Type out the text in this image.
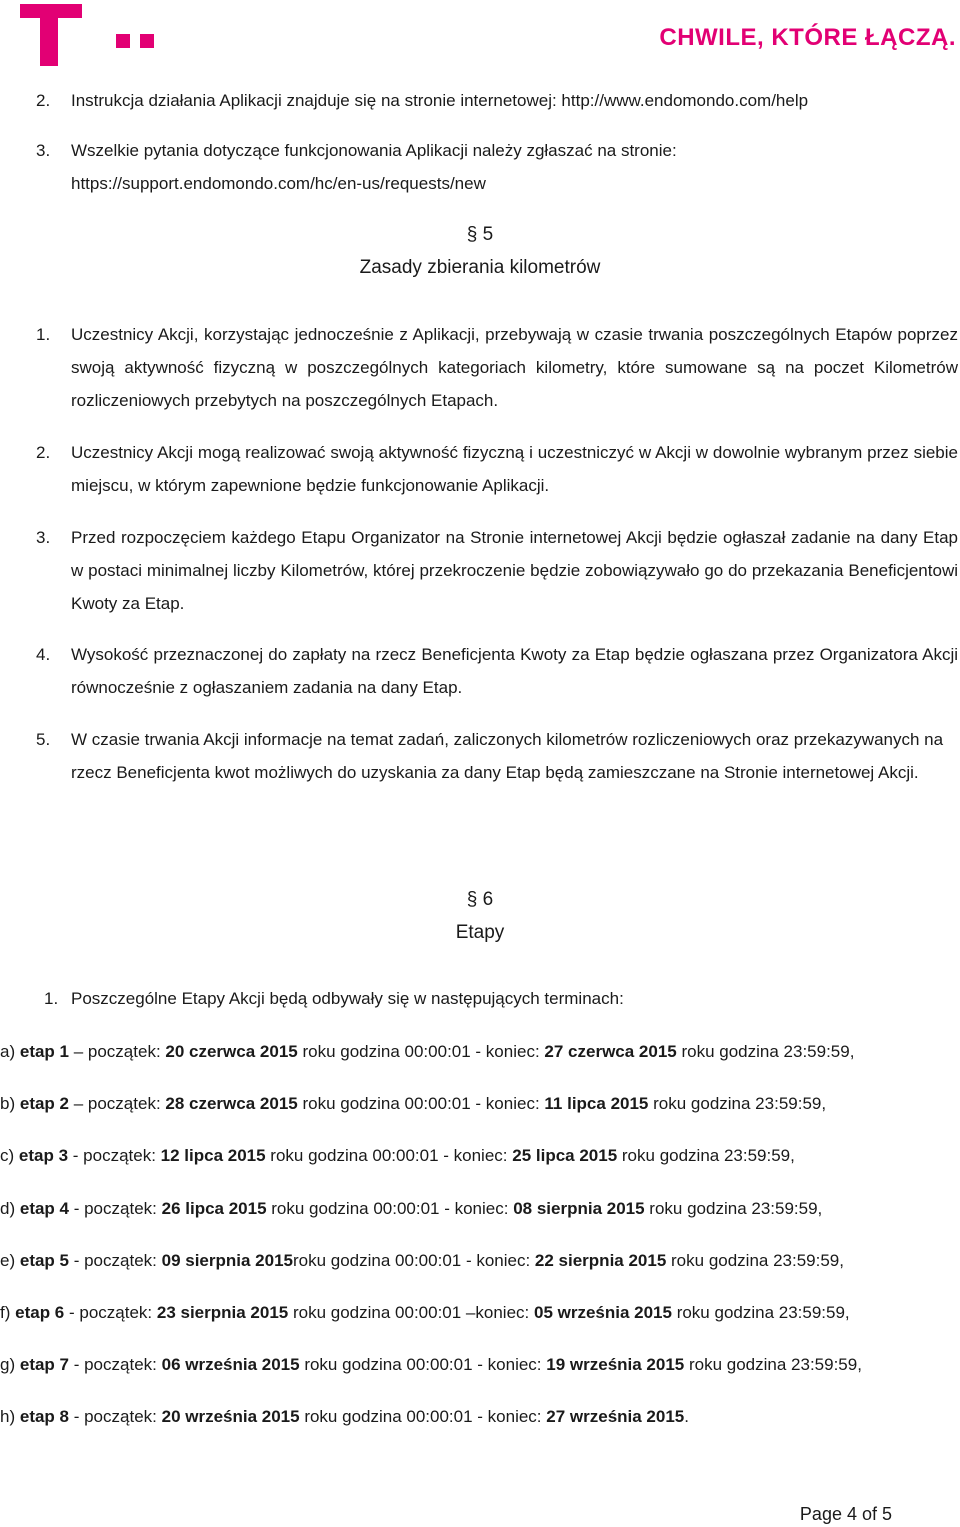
CHWILE, KTÓRE ŁĄCZĄ.
2.	Instrukcja działania Aplikacji znajduje się na stronie internetowej: http://www.endomondo.com/help
3.	Wszelkie pytania dotyczące funkcjonowania Aplikacji należy zgłaszać na stronie: https://support.endomondo.com/hc/en-us/requests/new
§ 5
Zasady zbierania kilometrów
1.	Uczestnicy Akcji, korzystając jednocześnie z Aplikacji, przebywają w czasie trwania poszczególnych Etapów poprzez swoją aktywność fizyczną w poszczególnych kategoriach kilometry, które sumowane są na poczet Kilometrów rozliczeniowych przebytych na poszczególnych Etapach.
2.	Uczestnicy Akcji mogą realizować swoją aktywność fizyczną i uczestniczyć w Akcji w dowolnie wybranym przez siebie miejscu, w którym zapewnione będzie funkcjonowanie Aplikacji.
3.	Przed rozpoczęciem każdego Etapu Organizator na Stronie internetowej Akcji będzie ogłaszał zadanie na dany Etap w postaci minimalnej liczby Kilometrów, której przekroczenie będzie zobowiązywało go do przekazania Beneficjentowi Kwoty za Etap.
4.	Wysokość przeznaczonej do zapłaty na rzecz Beneficjenta Kwoty za Etap będzie ogłaszana przez Organizatora Akcji równocześnie z ogłaszaniem zadania na dany Etap.
5.	W czasie trwania Akcji informacje na temat zadań, zaliczonych kilometrów rozliczeniowych oraz przekazywanych na rzecz Beneficjenta kwot możliwych do uzyskania za dany Etap będą zamieszczane na Stronie internetowej Akcji.
§ 6
Etapy
1. Poszczególne Etapy Akcji będą odbywały się w następujących terminach:
a) etap 1 – początek: 20 czerwca 2015 roku godzina 00:00:01 - koniec: 27 czerwca 2015 roku godzina 23:59:59,
b) etap 2 – początek: 28 czerwca 2015 roku godzina 00:00:01 - koniec: 11 lipca 2015 roku godzina 23:59:59,
c) etap 3 - początek: 12 lipca 2015 roku godzina 00:00:01 - koniec: 25 lipca 2015 roku godzina 23:59:59,
d) etap 4 - początek: 26 lipca 2015 roku godzina 00:00:01 - koniec: 08 sierpnia 2015 roku godzina 23:59:59,
e) etap 5 - początek: 09 sierpnia 2015roku godzina 00:00:01 - koniec: 22 sierpnia 2015 roku godzina 23:59:59,
f) etap 6 - początek: 23 sierpnia 2015 roku godzina 00:00:01 –koniec: 05 września 2015 roku godzina 23:59:59,
g) etap 7 - początek: 06 września 2015 roku godzina 00:00:01 - koniec: 19 września 2015 roku godzina 23:59:59,
h) etap 8 - początek: 20 września 2015 roku godzina 00:00:01 - koniec: 27 września 2015.
Page 4 of 5
